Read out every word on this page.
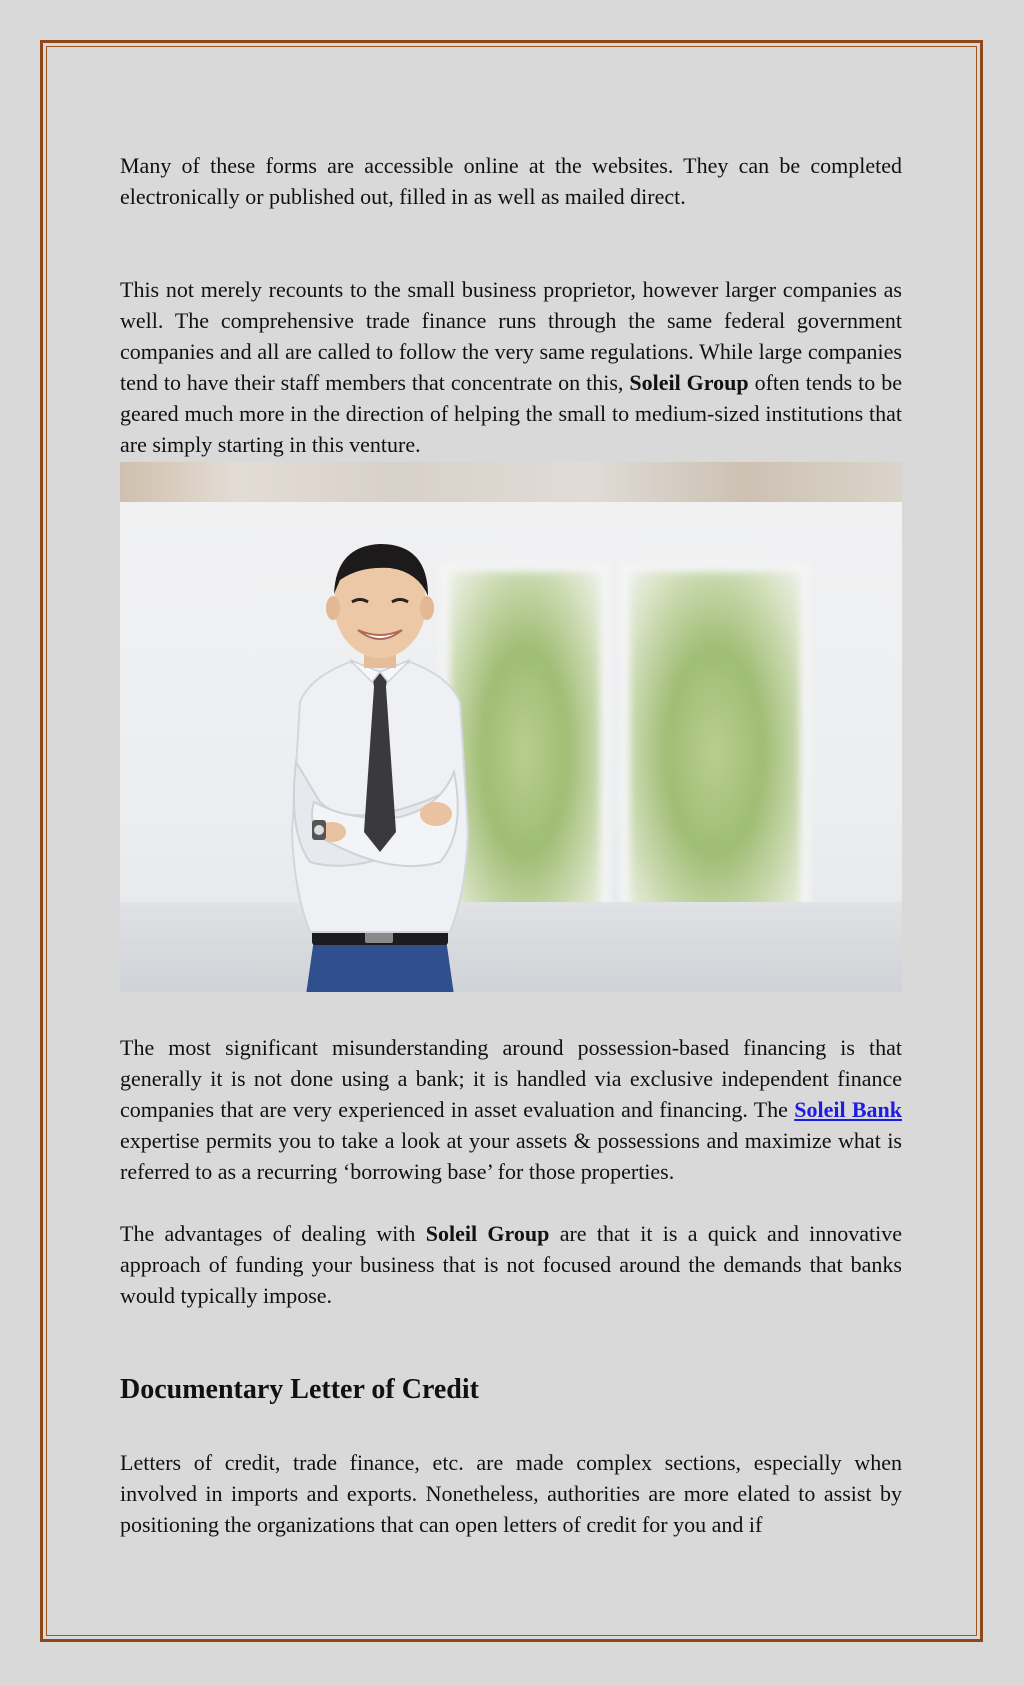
Many of these forms are accessible online at the websites. They can be completed electronically or published out, filled in as well as mailed direct.

This not merely recounts to the small business proprietor, however larger companies as well. The comprehensive trade finance runs through the same federal government companies and all are called to follow the very same regulations. While large companies tend to have their staff members that concentrate on this, Soleil Group often tends to be geared much more in the direction of helping the small to medium-sized institutions that are simply starting in this venture.

The most significant misunderstanding around possession-based financing is that generally it is not done using a bank; it is handled via exclusive independent finance companies that are very experienced in asset evaluation and financing. The Soleil Bank expertise permits you to take a look at your assets & possessions and maximize what is referred to as a recurring ‘borrowing base’ for those properties.

The advantages of dealing with Soleil Group are that it is a quick and innovative approach of funding your business that is not focused around the demands that banks would typically impose.

Documentary Letter of Credit

Letters of credit, trade finance, etc. are made complex sections, especially when involved in imports and exports. Nonetheless, authorities are more elated to assist by positioning the organizations that can open letters of credit for you and if
